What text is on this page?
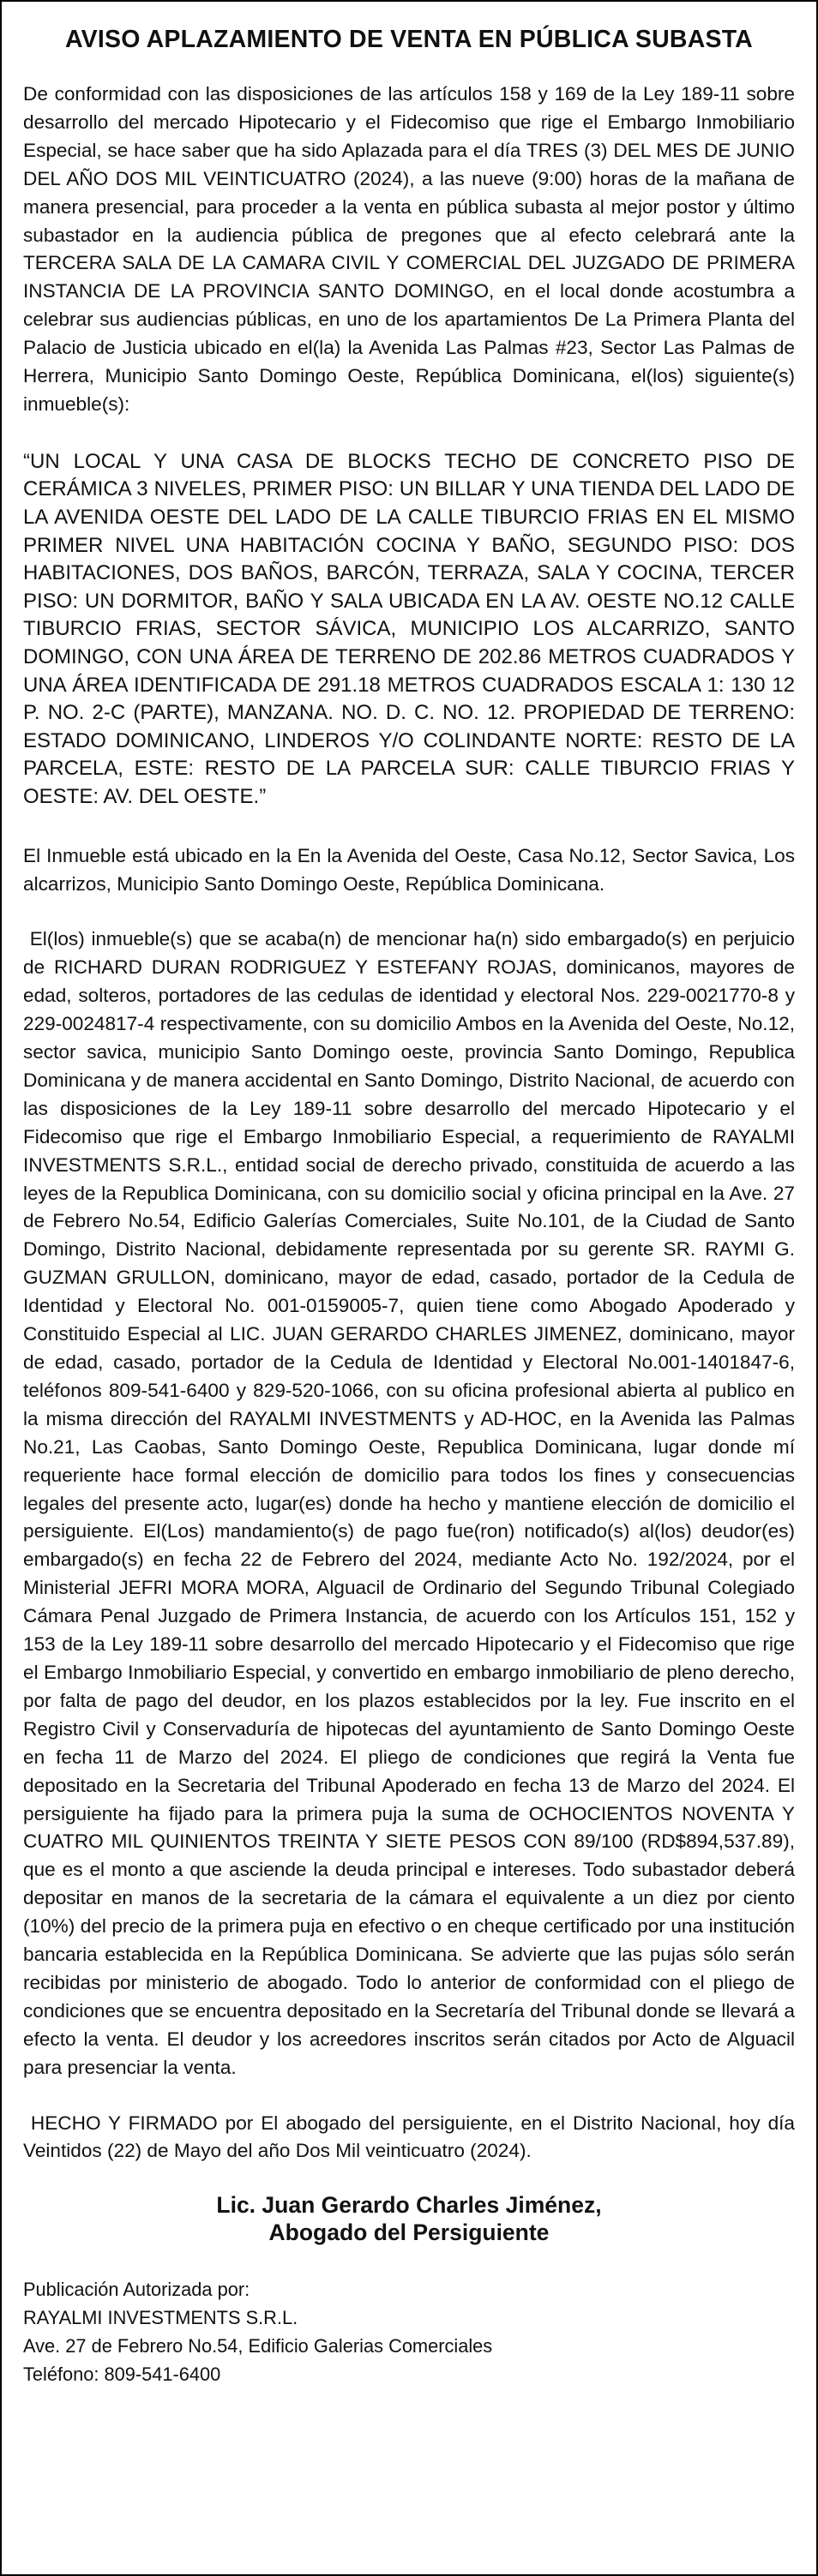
AVISO APLAZAMIENTO DE VENTA EN PÚBLICA SUBASTA

De conformidad con las disposiciones de las artículos 158 y 169 de la Ley 189-11 sobre desarrollo del mercado Hipotecario y el Fidecomiso que rige el Embargo Inmobiliario Especial, se hace saber que ha sido Aplazada para el día TRES (3) DEL MES DE JUNIO DEL AÑO DOS MIL VEINTICUATRO (2024), a las nueve (9:00) horas de la mañana de manera presencial, para proceder a la venta en pública subasta al mejor postor y último subastador en la audiencia pública de pregones que al efecto celebrará ante la TERCERA SALA DE LA CAMARA CIVIL Y COMERCIAL DEL JUZGADO DE PRIMERA INSTANCIA DE LA PROVINCIA SANTO DOMINGO, en el local donde acostumbra a celebrar sus audiencias públicas, en uno de los apartamientos De La Primera Planta del Palacio de Justicia ubicado en el(la) la Avenida Las Palmas #23, Sector Las Palmas de Herrera, Municipio Santo Domingo Oeste, República Dominicana, el(los) siguiente(s) inmueble(s):

“UN LOCAL Y UNA CASA DE BLOCKS TECHO DE CONCRETO PISO DE CERÁMICA 3 NIVELES, PRIMER PISO: UN BILLAR Y UNA TIENDA DEL LADO DE LA AVENIDA OESTE DEL LADO DE LA CALLE TIBURCIO FRIAS EN EL MISMO PRIMER NIVEL UNA HABITACIÓN COCINA Y BAÑO, SEGUNDO PISO: DOS HABITACIONES, DOS BAÑOS, BARCÓN, TERRAZA, SALA Y COCINA, TERCER PISO: UN DORMITOR, BAÑO Y SALA UBICADA EN LA AV. OESTE NO.12 CALLE TIBURCIO FRIAS, SECTOR SÁVICA, MUNICIPIO LOS ALCARRIZO, SANTO DOMINGO, CON UNA ÁREA DE TERRENO DE 202.86 METROS CUADRADOS Y UNA ÁREA IDENTIFICADA DE 291.18 METROS CUADRADOS ESCALA 1: 130 12 P. NO. 2-C (PARTE), MANZANA. NO. D. C. NO. 12. PROPIEDAD DE TERRENO: ESTADO DOMINICANO, LINDEROS Y/O COLINDANTE NORTE: RESTO DE LA PARCELA, ESTE: RESTO DE LA PARCELA SUR: CALLE TIBURCIO FRIAS Y OESTE: AV. DEL OESTE.”

El Inmueble está ubicado en la En la Avenida del Oeste, Casa No.12, Sector Savica, Los alcarrizos, Municipio Santo Domingo Oeste, República Dominicana.

El(los) inmueble(s) que se acaba(n) de mencionar ha(n) sido embargado(s) en perjuicio de RICHARD DURAN RODRIGUEZ Y ESTEFANY ROJAS, dominicanos, mayores de edad, solteros, portadores de las cedulas de identidad y electoral Nos. 229-0021770-8 y 229-0024817-4 respectivamente, con su domicilio Ambos en la Avenida del Oeste, No.12, sector savica, municipio Santo Domingo oeste, provincia Santo Domingo, Republica Dominicana y de manera accidental en Santo Domingo, Distrito Nacional, de acuerdo con las disposiciones de la Ley 189-11 sobre desarrollo del mercado Hipotecario y el Fidecomiso que rige el Embargo Inmobiliario Especial, a requerimiento de RAYALMI INVESTMENTS S.R.L., entidad social de derecho privado, constituida de acuerdo a las leyes de la Republica Dominicana, con su domicilio social y oficina principal en la Ave. 27 de Febrero No.54, Edificio Galerías Comerciales, Suite No.101, de la Ciudad de Santo Domingo, Distrito Nacional, debidamente representada por su gerente SR. RAYMI G. GUZMAN GRULLON, dominicano, mayor de edad, casado, portador de la Cedula de Identidad y Electoral No. 001-0159005-7, quien tiene como Abogado Apoderado y Constituido Especial al LIC. JUAN GERARDO CHARLES JIMENEZ, dominicano, mayor de edad, casado, portador de la Cedula de Identidad y Electoral No.001-1401847-6, teléfonos 809-541-6400 y 829-520-1066, con su oficina profesional abierta al publico en la misma dirección del RAYALMI INVESTMENTS y AD-HOC, en la Avenida las Palmas No.21, Las Caobas, Santo Domingo Oeste, Republica Dominicana, lugar donde mí requeriente hace formal elección de domicilio para todos los fines y consecuencias legales del presente acto, lugar(es) donde ha hecho y mantiene elección de domicilio el persiguiente. El(Los) mandamiento(s) de pago fue(ron) notificado(s) al(los) deudor(es) embargado(s) en fecha 22 de Febrero del 2024, mediante Acto No. 192/2024, por el Ministerial JEFRI MORA MORA, Alguacil de Ordinario del Segundo Tribunal Colegiado Cámara Penal Juzgado de Primera Instancia, de acuerdo con los Artículos 151, 152 y 153 de la Ley 189-11 sobre desarrollo del mercado Hipotecario y el Fidecomiso que rige el Embargo Inmobiliario Especial, y convertido en embargo inmobiliario de pleno derecho, por falta de pago del deudor, en los plazos establecidos por la ley. Fue inscrito en el Registro Civil y Conservaduría de hipotecas del ayuntamiento de Santo Domingo Oeste en fecha 11 de Marzo del 2024. El pliego de condiciones que regirá la Venta fue depositado en la Secretaria del Tribunal Apoderado en fecha 13 de Marzo del 2024. El persiguiente ha fijado para la primera puja la suma de OCHOCIENTOS NOVENTA Y CUATRO MIL QUINIENTOS TREINTA Y SIETE PESOS CON 89/100 (RD$894,537.89), que es el monto a que asciende la deuda principal e intereses. Todo subastador deberá depositar en manos de la secretaria de la cámara el equivalente a un diez por ciento (10%) del precio de la primera puja en efectivo o en cheque certificado por una institución bancaria establecida en la República Dominicana. Se advierte que las pujas sólo serán recibidas por ministerio de abogado. Todo lo anterior de conformidad con el pliego de condiciones que se encuentra depositado en la Secretaría del Tribunal donde se llevará a efecto la venta. El deudor y los acreedores inscritos serán citados por Acto de Alguacil para presenciar la venta.

HECHO Y FIRMADO por El abogado del persiguiente, en el Distrito Nacional, hoy día Veintidos (22) de Mayo del año Dos Mil veinticuatro (2024).

Lic. Juan Gerardo Charles Jiménez,
Abogado del Persiguiente
Publicación Autorizada por:
RAYALMI INVESTMENTS S.R.L.
Ave. 27 de Febrero No.54, Edificio Galerias Comerciales
Teléfono: 809-541-6400
